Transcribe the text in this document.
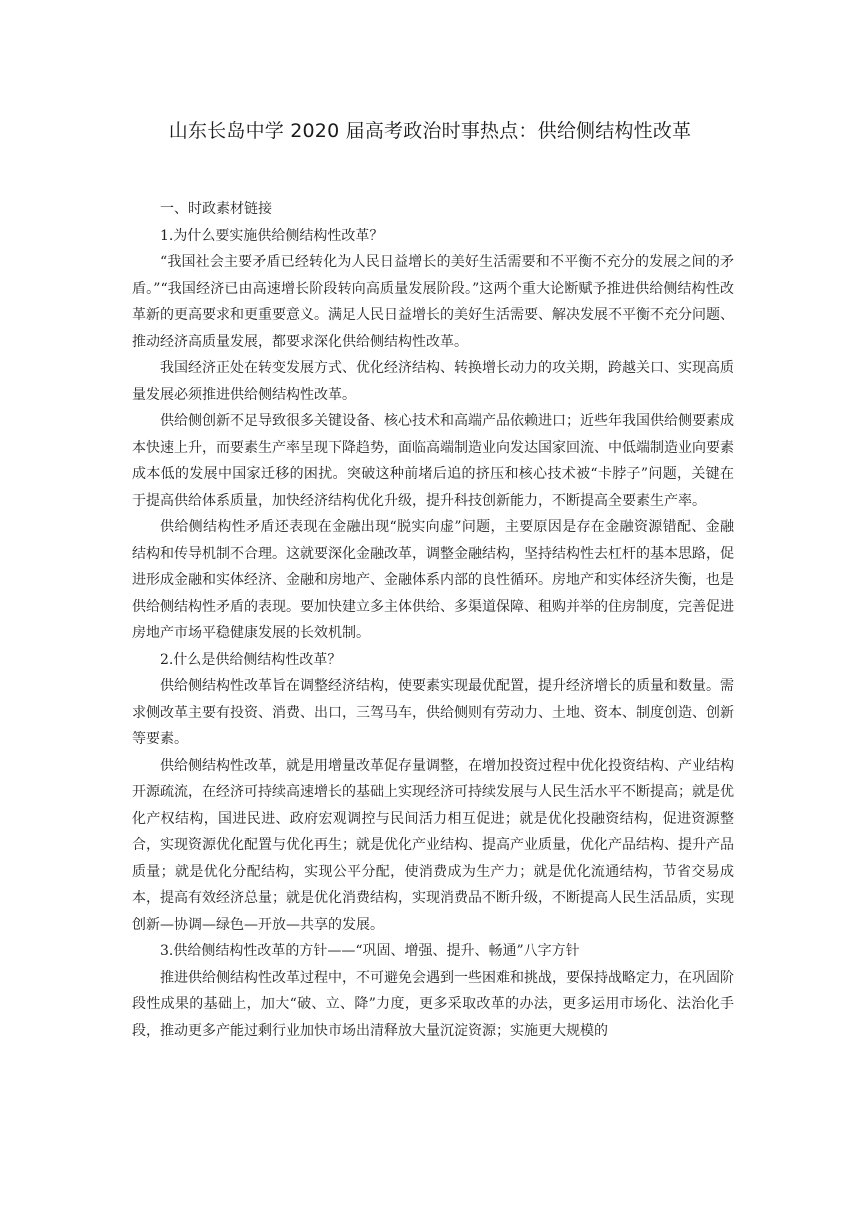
山东长岛中学 2020 届高考政治时事热点：供给侧结构性改革

一、时政素材链接

1.为什么要实施供给侧结构性改革？

“我国社会主要矛盾已经转化为人民日益增长的美好生活需要和不平衡不充分的发展之间的矛盾。”“我国经济已由高速增长阶段转向高质量发展阶段。”这两个重大论断赋予推进供给侧结构性改革新的更高要求和更重要意义。满足人民日益增长的美好生活需要、解决发展不平衡不充分问题、推动经济高质量发展，都要求深化供给侧结构性改革。

我国经济正处在转变发展方式、优化经济结构、转换增长动力的攻关期，跨越关口、实现高质量发展必须推进供给侧结构性改革。

供给侧创新不足导致很多关键设备、核心技术和高端产品依赖进口；近些年我国供给侧要素成本快速上升，而要素生产率呈现下降趋势，面临高端制造业向发达国家回流、中低端制造业向要素成本低的发展中国家迁移的困扰。突破这种前堵后追的挤压和核心技术被“卡脖子”问题，关键在于提高供给体系质量，加快经济结构优化升级，提升科技创新能力，不断提高全要素生产率。

供给侧结构性矛盾还表现在金融出现“脱实向虚”问题，主要原因是存在金融资源错配、金融结构和传导机制不合理。这就要深化金融改革，调整金融结构，坚持结构性去杠杆的基本思路，促进形成金融和实体经济、金融和房地产、金融体系内部的良性循环。房地产和实体经济失衡，也是供给侧结构性矛盾的表现。要加快建立多主体供给、多渠道保障、租购并举的住房制度，完善促进房地产市场平稳健康发展的长效机制。

2.什么是供给侧结构性改革？

供给侧结构性改革旨在调整经济结构，使要素实现最优配置，提升经济增长的质量和数量。需求侧改革主要有投资、消费、出口，三驾马车，供给侧则有劳动力、土地、资本、制度创造、创新等要素。

供给侧结构性改革，就是用增量改革促存量调整，在增加投资过程中优化投资结构、产业结构开源疏流，在经济可持续高速增长的基础上实现经济可持续发展与人民生活水平不断提高；就是优化产权结构，国进民进、政府宏观调控与民间活力相互促进；就是优化投融资结构，促进资源整合，实现资源优化配置与优化再生；就是优化产业结构、提高产业质量，优化产品结构、提升产品质量；就是优化分配结构，实现公平分配，使消费成为生产力；就是优化流通结构，节省交易成本，提高有效经济总量；就是优化消费结构，实现消费品不断升级，不断提高人民生活品质，实现创新—协调—绿色—开放—共享的发展。

3.供给侧结构性改革的方针——“巩固、增强、提升、畅通”八字方针

推进供给侧结构性改革过程中，不可避免会遇到一些困难和挑战，要保持战略定力，在巩固阶段性成果的基础上，加大“破、立、降”力度，更多采取改革的办法，更多运用市场化、法治化手段，推动更多产能过剩行业加快市场出清释放大量沉淀资源；实施更大规模的
